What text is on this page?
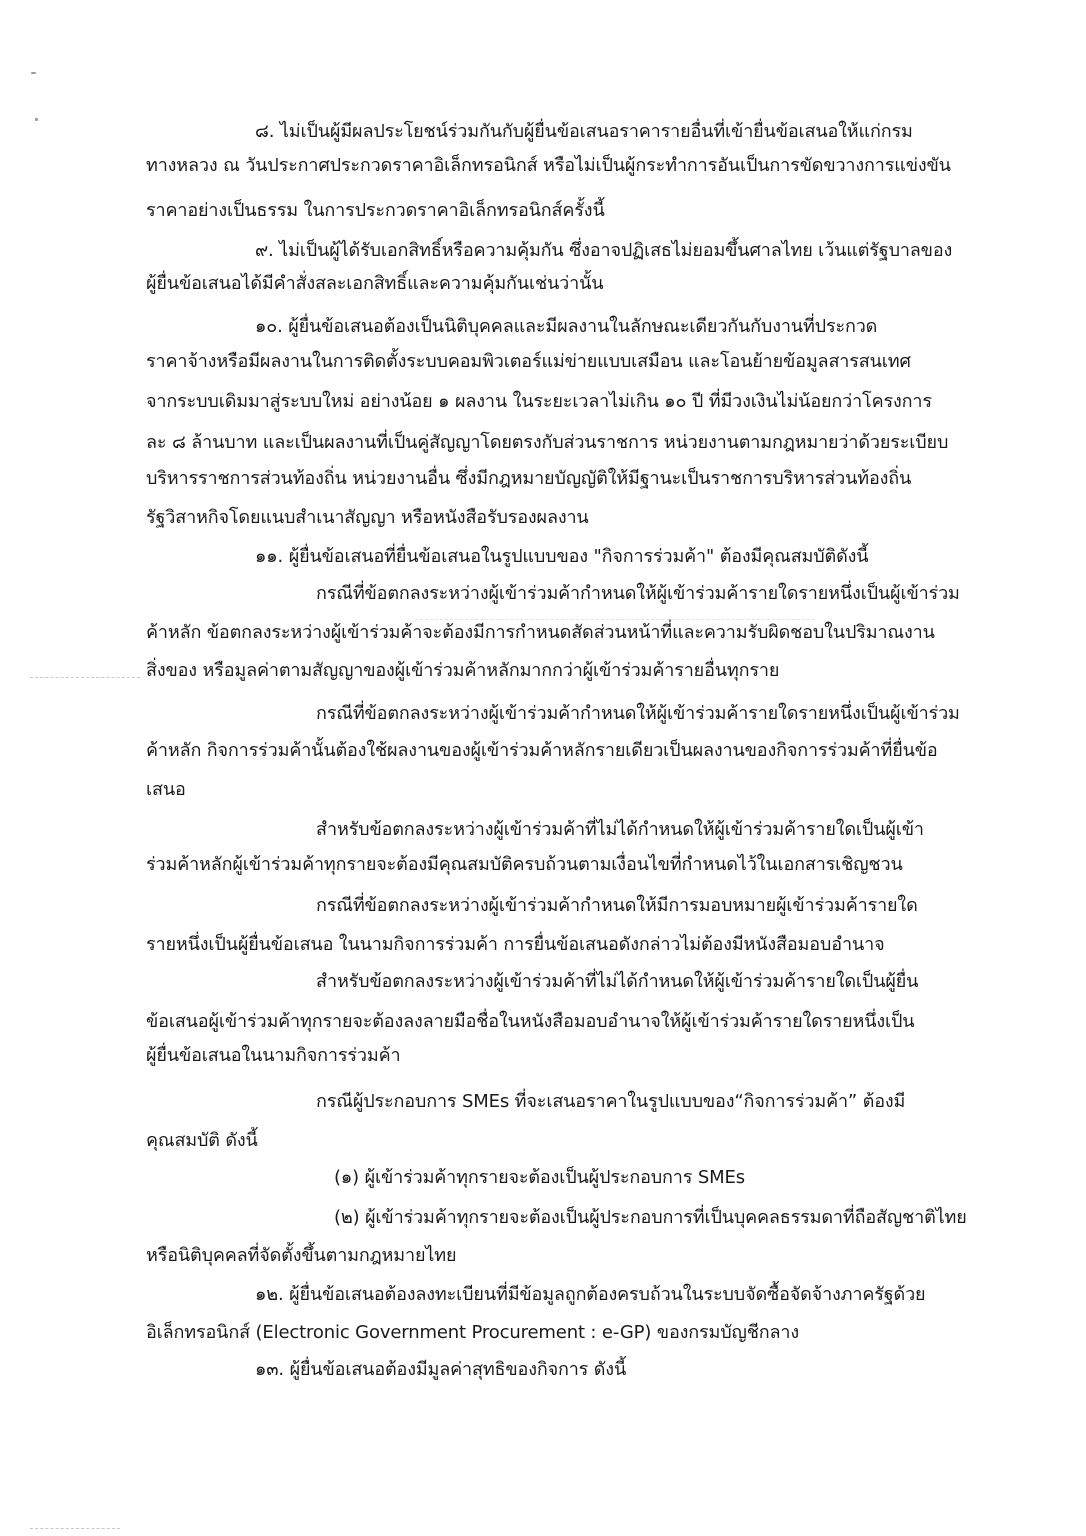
๘. ไม่เป็นผู้มีผลประโยชน์ร่วมกันกับผู้ยื่นข้อเสนอราคารายอื่นที่เข้ายื่นข้อเสนอให้แก่กรม
ทางหลวง ณ วันประกาศประกวดราคาอิเล็กทรอนิกส์ หรือไม่เป็นผู้กระทำการอันเป็นการขัดขวางการแข่งขัน
ราคาอย่างเป็นธรรม ในการประกวดราคาอิเล็กทรอนิกส์ครั้งนี้
๙. ไม่เป็นผู้ได้รับเอกสิทธิ์หรือความคุ้มกัน ซึ่งอาจปฏิเสธไม่ยอมขึ้นศาลไทย เว้นแต่รัฐบาลของ
ผู้ยื่นข้อเสนอได้มีคำสั่งสละเอกสิทธิ์และความคุ้มกันเช่นว่านั้น
๑๐. ผู้ยื่นข้อเสนอต้องเป็นนิติบุคคลและมีผลงานในลักษณะเดียวกันกับงานที่ประกวด
ราคาจ้างหรือมีผลงานในการติดตั้งระบบคอมพิวเตอร์แม่ข่ายแบบเสมือน และโอนย้ายข้อมูลสารสนเทศ
จากระบบเดิมมาสู่ระบบใหม่ อย่างน้อย ๑ ผลงาน ในระยะเวลาไม่เกิน ๑๐ ปี ที่มีวงเงินไม่น้อยกว่าโครงการ
ละ ๘ ล้านบาท และเป็นผลงานที่เป็นคู่สัญญาโดยตรงกับส่วนราชการ หน่วยงานตามกฎหมายว่าด้วยระเบียบ
บริหารราชการส่วนท้องถิ่น หน่วยงานอื่น ซึ่งมีกฎหมายบัญญัติให้มีฐานะเป็นราชการบริหารส่วนท้องถิ่น
รัฐวิสาหกิจโดยแนบสำเนาสัญญา หรือหนังสือรับรองผลงาน
๑๑. ผู้ยื่นข้อเสนอที่ยื่นข้อเสนอในรูปแบบของ "กิจการร่วมค้า" ต้องมีคุณสมบัติดังนี้
กรณีที่ข้อตกลงระหว่างผู้เข้าร่วมค้ากำหนดให้ผู้เข้าร่วมค้ารายใดรายหนึ่งเป็นผู้เข้าร่วม
ค้าหลัก ข้อตกลงระหว่างผู้เข้าร่วมค้าจะต้องมีการกำหนดสัดส่วนหน้าที่และความรับผิดชอบในปริมาณงาน
สิ่งของ หรือมูลค่าตามสัญญาของผู้เข้าร่วมค้าหลักมากกว่าผู้เข้าร่วมค้ารายอื่นทุกราย
กรณีที่ข้อตกลงระหว่างผู้เข้าร่วมค้ากำหนดให้ผู้เข้าร่วมค้ารายใดรายหนึ่งเป็นผู้เข้าร่วม
ค้าหลัก กิจการร่วมค้านั้นต้องใช้ผลงานของผู้เข้าร่วมค้าหลักรายเดียวเป็นผลงานของกิจการร่วมค้าที่ยื่นข้อ
เสนอ
สำหรับข้อตกลงระหว่างผู้เข้าร่วมค้าที่ไม่ได้กำหนดให้ผู้เข้าร่วมค้ารายใดเป็นผู้เข้า
ร่วมค้าหลักผู้เข้าร่วมค้าทุกรายจะต้องมีคุณสมบัติครบถ้วนตามเงื่อนไขที่กำหนดไว้ในเอกสารเชิญชวน
กรณีที่ข้อตกลงระหว่างผู้เข้าร่วมค้ากำหนดให้มีการมอบหมายผู้เข้าร่วมค้ารายใด
รายหนึ่งเป็นผู้ยื่นข้อเสนอ ในนามกิจการร่วมค้า การยื่นข้อเสนอดังกล่าวไม่ต้องมีหนังสือมอบอำนาจ
สำหรับข้อตกลงระหว่างผู้เข้าร่วมค้าที่ไม่ได้กำหนดให้ผู้เข้าร่วมค้ารายใดเป็นผู้ยื่น
ข้อเสนอผู้เข้าร่วมค้าทุกรายจะต้องลงลายมือชื่อในหนังสือมอบอำนาจให้ผู้เข้าร่วมค้ารายใดรายหนึ่งเป็น
ผู้ยื่นข้อเสนอในนามกิจการร่วมค้า
กรณีผู้ประกอบการ SMEs ที่จะเสนอราคาในรูปแบบของ“กิจการร่วมค้า” ต้องมี
คุณสมบัติ ดังนี้
(๑) ผู้เข้าร่วมค้าทุกรายจะต้องเป็นผู้ประกอบการ SMEs
(๒) ผู้เข้าร่วมค้าทุกรายจะต้องเป็นผู้ประกอบการที่เป็นบุคคลธรรมดาที่ถือสัญชาติไทย
หรือนิติบุคคลที่จัดตั้งขึ้นตามกฎหมายไทย
๑๒. ผู้ยื่นข้อเสนอต้องลงทะเบียนที่มีข้อมูลถูกต้องครบถ้วนในระบบจัดซื้อจัดจ้างภาครัฐด้วย
อิเล็กทรอนิกส์ (Electronic Government Procurement : e-GP) ของกรมบัญชีกลาง
๑๓. ผู้ยื่นข้อเสนอต้องมีมูลค่าสุทธิของกิจการ ดังนี้
